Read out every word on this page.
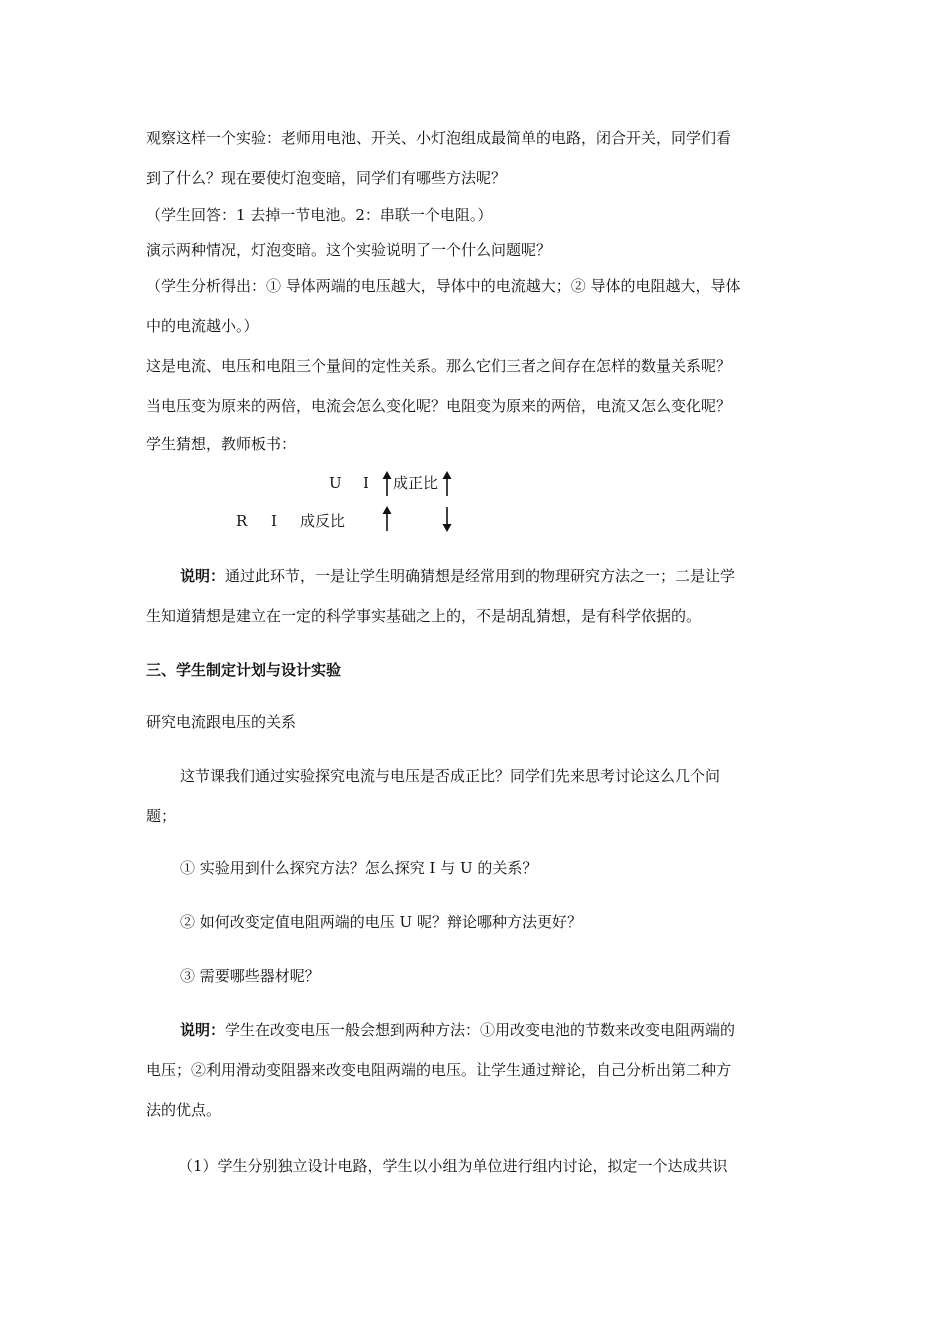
观察这样一个实验：老师用电池、开关、小灯泡组成最简单的电路，闭合开关，同学们看
到了什么？现在要使灯泡变暗，同学们有哪些方法呢？
（学生回答：1 去掉一节电池。2：串联一个电阻。）
演示两种情况，灯泡变暗。这个实验说明了一个什么问题呢？
（学生分析得出：① 导体两端的电压越大，导体中的电流越大；② 导体的电阻越大，导体
中的电流越小。）
这是电流、电压和电阻三个量间的定性关系。那么它们三者之间存在怎样的数量关系呢？
当电压变为原来的两倍，电流会怎么变化呢？电阻变为原来的两倍，电流又怎么变化呢？
学生猜想，教师板书：
U I 成正比
R I 成反比
说明：通过此环节，一是让学生明确猜想是经常用到的物理研究方法之一；二是让学
生知道猜想是建立在一定的科学事实基础之上的，不是胡乱猜想，是有科学依据的。
三、学生制定计划与设计实验
研究电流跟电压的关系
这节课我们通过实验探究电流与电压是否成正比？同学们先来思考讨论这么几个问
题；
① 实验用到什么探究方法？怎么探究 I 与 U 的关系？
② 如何改变定值电阻两端的电压 U 呢？辩论哪种方法更好？
③ 需要哪些器材呢？
说明：学生在改变电压一般会想到两种方法：①用改变电池的节数来改变电阻两端的
电压；②利用滑动变阻器来改变电阻两端的电压。让学生通过辩论，自己分析出第二种方
法的优点。
（1）学生分别独立设计电路，学生以小组为单位进行组内讨论，拟定一个达成共识
